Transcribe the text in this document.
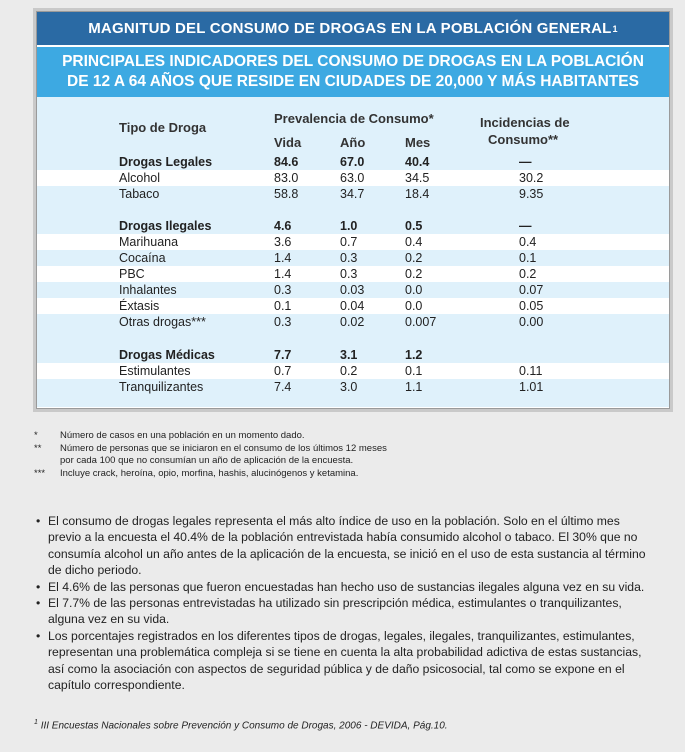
MAGNITUD DEL CONSUMO DE DROGAS EN LA POBLACIÓN GENERAL 1
PRINCIPALES INDICADORES DEL CONSUMO DE DROGAS EN LA POBLACIÓN
DE 12 A 64 AÑOS QUE RESIDE EN CIUDADES DE 20,000 Y MÁS HABITANTES
Tipo de Droga
Prevalencia de Consumo*
Vida	Año	Mes
Incidencias de
Consumo**
Drogas Legales	84.6	67.0	40.4	—
Alcohol	83.0	63.0	34.5	30.2
Tabaco	58.8	34.7	18.4	9.35
Drogas Ilegales	4.6	1.0	0.5	—
Marihuana	3.6	0.7	0.4	0.4
Cocaína	1.4	0.3	0.2	0.1
PBC	1.4	0.3	0.2	0.2
Inhalantes	0.3	0.03	0.0	0.07
Éxtasis	0.1	0.04	0.0	0.05
Otras drogas***	0.3	0.02	0.007	0.00
Drogas Médicas	7.7	3.1	1.2
Estimulantes	0.7	0.2	0.1	0.11
Tranquilizantes	7.4	3.0	1.1	1.01
*	Número de casos en una población en un momento dado.
**	Número de personas que se iniciaron en el consumo de los últimos 12 meses
por cada 100 que no consumían un año de aplicación de la encuesta.
***	Incluye crack, heroína, opio, morfina, hashis, alucinógenos y ketamina.
• El consumo de drogas legales representa el más alto índice de uso en la población. Solo en el último mes previo a la encuesta el 40.4% de la población entrevistada había consumido alcohol o tabaco. El 30% que no consumía alcohol un año antes de la aplicación de la encuesta, se inició en el uso de esta sustancia al término de dicho periodo.
• El 4.6% de las personas que fueron encuestadas han hecho uso de sustancias ilegales alguna vez en su vida.
• El 7.7% de las personas entrevistadas ha utilizado sin prescripción médica, estimulantes o tranquilizantes, alguna vez en su vida.
• Los porcentajes registrados en los diferentes tipos de drogas, legales, ilegales, tranquilizantes, estimulantes, representan una problemática compleja si se tiene en cuenta la alta probabilidad adictiva de estas sustancias, así como la asociación con aspectos de seguridad pública y de daño psicosocial, tal como se expone en el capítulo correspondiente.
$^1$ III Encuestas Nacionales sobre Prevención y Consumo de Drogas, 2006 - DEVIDA, Pág.10.
